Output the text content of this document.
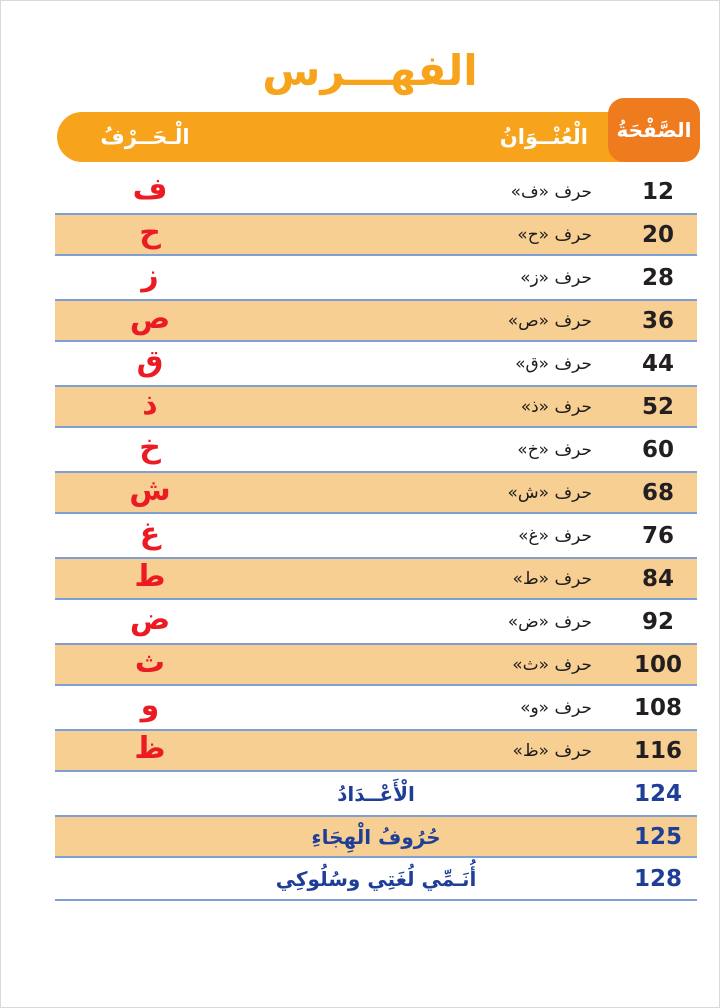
الفهـــرس
الْـحَــرْفُ	الْعُنْــوَانُ	الصَّفْحَةُ
12
حرف «ف»
ف
20
حرف «ح»
ح
28
حرف «ز»
ز
36
حرف «ص»
ص
44
حرف «ق»
ق
52
حرف «ذ»
ذ
60
حرف «خ»
خ
68
حرف «ش»
ش
76
حرف «غ»
غ
84
حرف «ط»
ط
92
حرف «ض»
ض
100
حرف «ث»
ث
108
حرف «و»
و
116
حرف «ظ»
ظ
124
الْأَعْــدَادُ
125
حُرُوفُ الْهِجَاءِ
128
أُنَـمِّي لُغَتِي وسُلُوكِي
